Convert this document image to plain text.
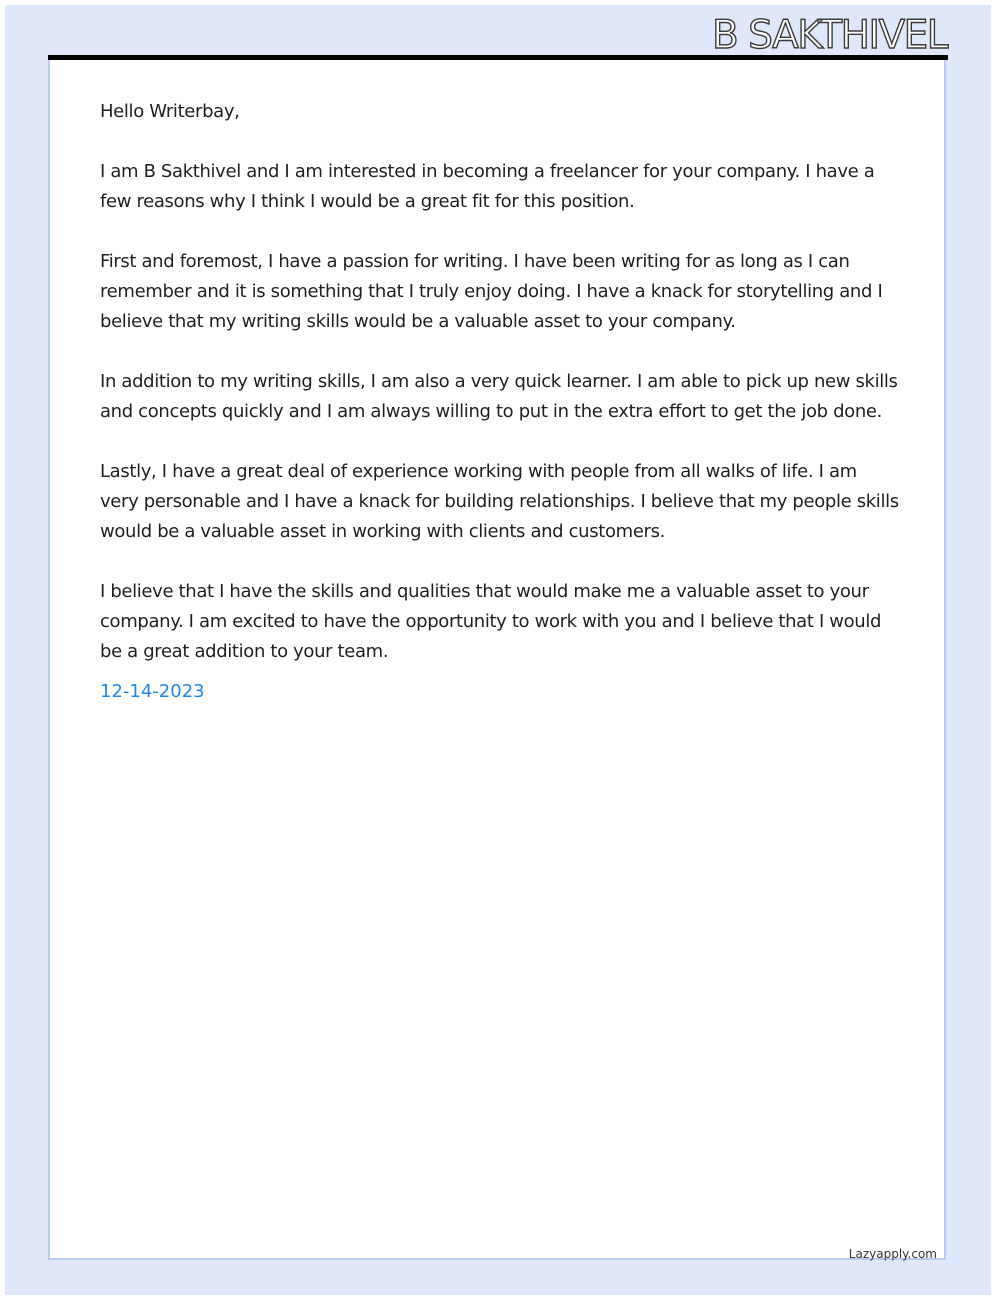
B SAKTHIVEL

Hello Writerbay,

I am B Sakthivel and I am interested in becoming a freelancer for your company. I have a few reasons why I think I would be a great fit for this position.

First and foremost, I have a passion for writing. I have been writing for as long as I can remember and it is something that I truly enjoy doing. I have a knack for storytelling and I believe that my writing skills would be a valuable asset to your company.

In addition to my writing skills, I am also a very quick learner. I am able to pick up new skills and concepts quickly and I am always willing to put in the extra effort to get the job done.

Lastly, I have a great deal of experience working with people from all walks of life. I am very personable and I have a knack for building relationships. I believe that my people skills would be a valuable asset in working with clients and customers.

I believe that I have the skills and qualities that would make me a valuable asset to your company. I am excited to have the opportunity to work with you and I believe that I would be a great addition to your team.

12-14-2023
Lazyapply.com
